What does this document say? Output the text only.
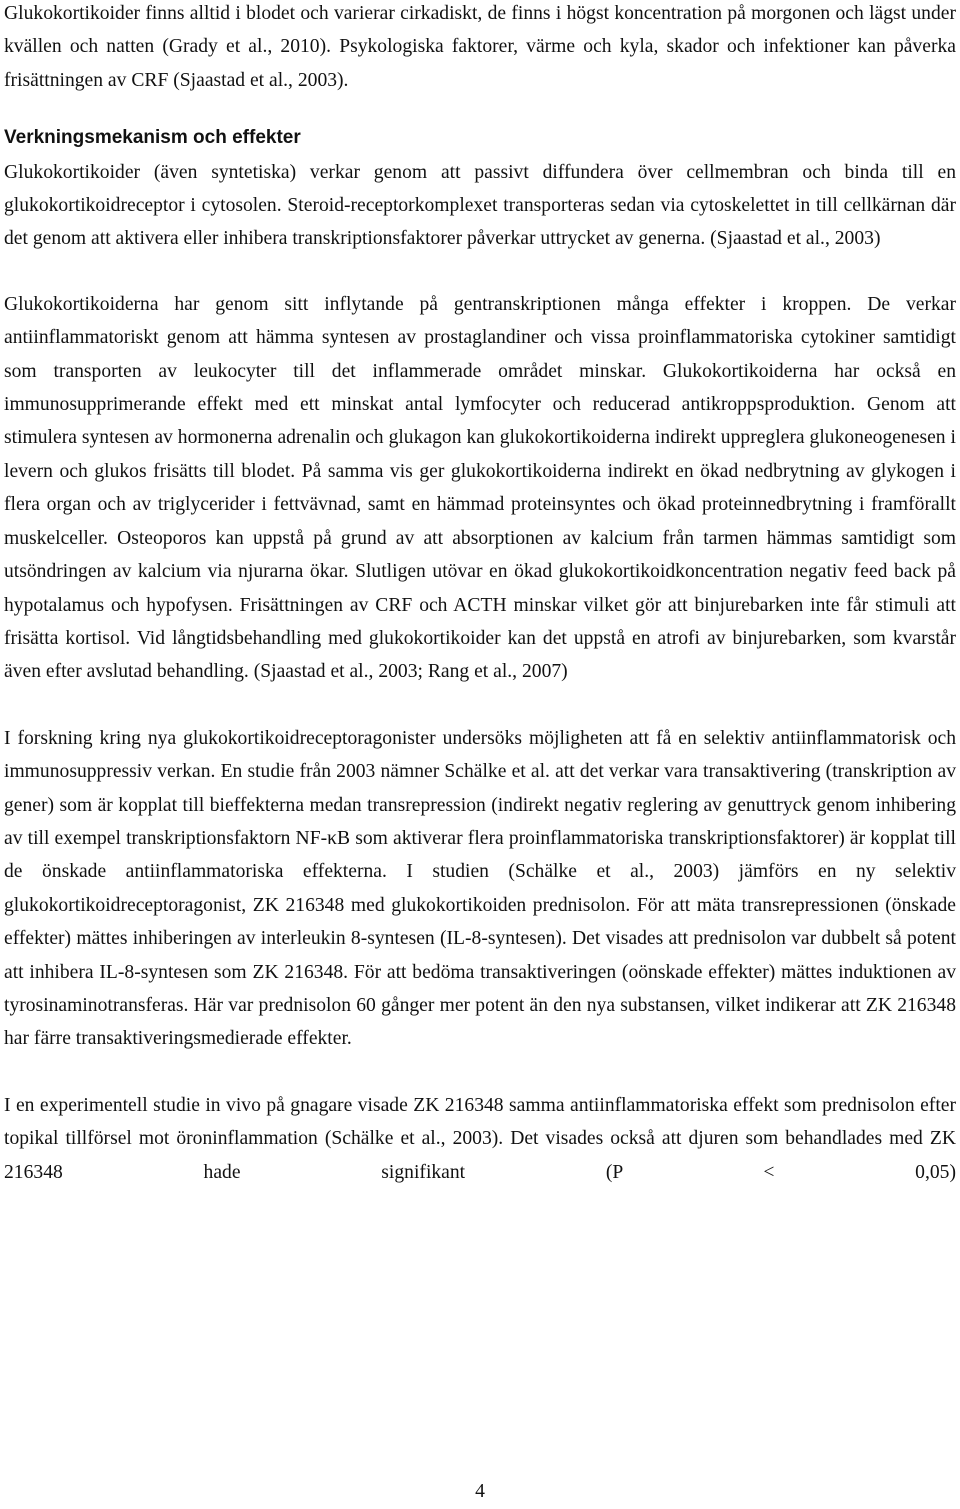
Glukokortikoider finns alltid i blodet och varierar cirkadiskt, de finns i högst koncentration på morgonen och lägst under kvällen och natten (Grady et al., 2010). Psykologiska faktorer, värme och kyla, skador och infektioner kan påverka frisättningen av CRF (Sjaastad et al., 2003).

Verkningsmekanism och effekter

Glukokortikoider (även syntetiska) verkar genom att passivt diffundera över cellmembran och binda till en glukokortikoidreceptor i cytosolen. Steroid-receptorkomplexet transporteras sedan via cytoskelettet in till cellkärnan där det genom att aktivera eller inhibera transkriptionsfaktorer påverkar uttrycket av generna. (Sjaastad et al., 2003)

Glukokortikoiderna har genom sitt inflytande på gentranskriptionen många effekter i kroppen. De verkar antiinflammatoriskt genom att hämma syntesen av prostaglandiner och vissa proinflammatoriska cytokiner samtidigt som transporten av leukocyter till det inflammerade området minskar. Glukokortikoiderna har också en immunosupprimerande effekt med ett minskat antal lymfocyter och reducerad antikroppsproduktion. Genom att stimulera syntesen av hormonerna adrenalin och glukagon kan glukokortikoiderna indirekt uppreglera glukoneogenesen i levern och glukos frisätts till blodet. På samma vis ger glukokortikoiderna indirekt en ökad nedbrytning av glykogen i flera organ och av triglycerider i fettvävnad, samt en hämmad proteinsyntes och ökad proteinnedbrytning i framförallt muskelceller. Osteoporos kan uppstå på grund av att absorptionen av kalcium från tarmen hämmas samtidigt som utsöndringen av kalcium via njurarna ökar. Slutligen utövar en ökad glukokortikoidkoncentration negativ feed back på hypotalamus och hypofysen. Frisättningen av CRF och ACTH minskar vilket gör att binjurebarken inte får stimuli att frisätta kortisol. Vid långtidsbehandling med glukokortikoider kan det uppstå en atrofi av binjurebarken, som kvarstår även efter avslutad behandling. (Sjaastad et al., 2003; Rang et al., 2007)

I forskning kring nya glukokortikoidreceptoragonister undersöks möjligheten att få en selektiv antiinflammatorisk och immunosuppressiv verkan. En studie från 2003 nämner Schälke et al. att det verkar vara transaktivering (transkription av gener) som är kopplat till bieffekterna medan transrepression (indirekt negativ reglering av genuttryck genom inhibering av till exempel transkriptionsfaktorn NF-κB som aktiverar flera proinflammatoriska transkriptionsfaktorer) är kopplat till de önskade antiinflammatoriska effekterna. I studien (Schälke et al., 2003) jämförs en ny selektiv glukokortikoidreceptoragonist, ZK 216348 med glukokortikoiden prednisolon. För att mäta transrepressionen (önskade effekter) mättes inhiberingen av interleukin 8-syntesen (IL-8-syntesen). Det visades att prednisolon var dubbelt så potent att inhibera IL-8-syntesen som ZK 216348. För att bedöma transaktiveringen (oönskade effekter) mättes induktionen av tyrosinaminotransferas. Här var prednisolon 60 gånger mer potent än den nya substansen, vilket indikerar att ZK 216348 har färre transaktiveringsmedierade effekter.

I en experimentell studie in vivo på gnagare visade ZK 216348 samma antiinflammatoriska effekt som prednisolon efter topikal tillförsel mot öroninflammation (Schälke et al., 2003). Det visades också att djuren som behandlades med ZK 216348 hade signifikant (P < 0,05)

4
